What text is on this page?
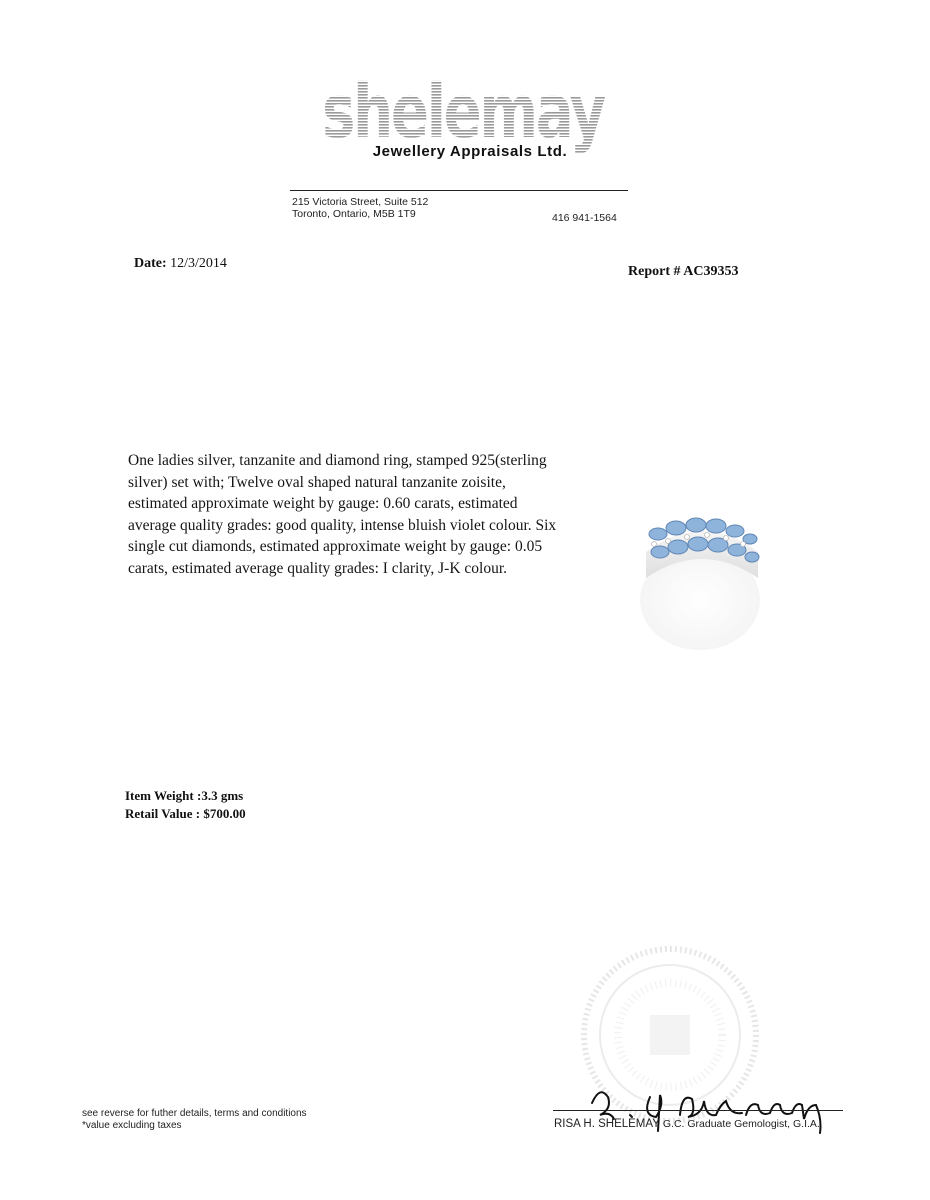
shelemay
Jewellery Appraisals Ltd.
215 Victoria Street, Suite 512
Toronto, Ontario, M5B 1T9	416 941-1564
Date: 12/3/2014
Report # AC39353
One ladies silver, tanzanite and diamond ring, stamped 925(sterling silver) set with; Twelve oval shaped natural tanzanite zoisite, estimated approximate weight by gauge: 0.60 carats, estimated average quality grades: good quality, intense bluish violet colour. Six single cut diamonds, estimated approximate weight by gauge: 0.05 carats, estimated average quality grades: I clarity, J-K colour.
Item Weight :3.3 gms
Retail Value : $700.00
see reverse for futher details, terms and conditions
*value excluding taxes	RISA H. SHELEMAY G.C. Graduate Gemologist, G.I.A.
